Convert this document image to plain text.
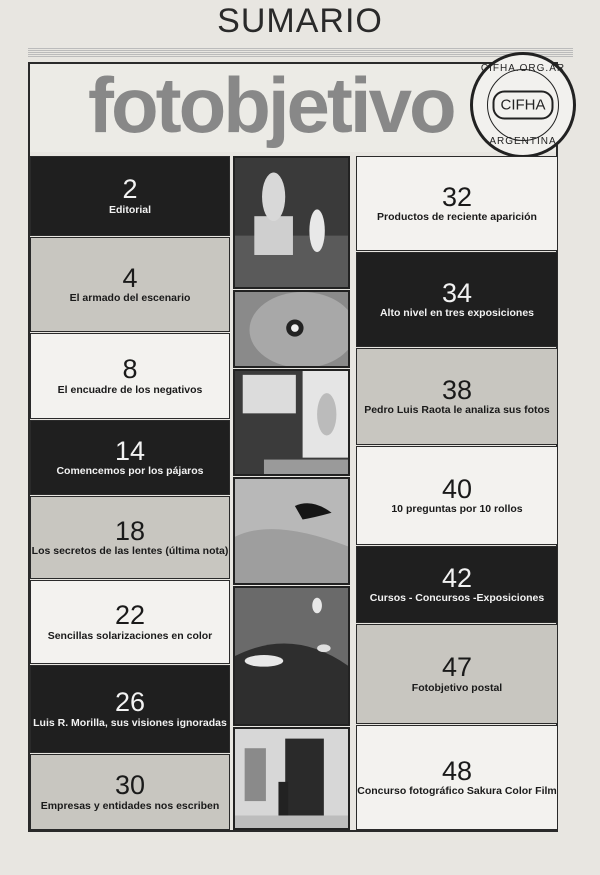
SUMARIO
fotobjetivo	CIFHA.ORG.AR
CIFHA
ARGENTINA
2
Editorial
4
El armado del escenario
8
El encuadre de los negativos
14
Comencemos por los pájaros
18
Los secretos de las lentes (última nota)
22
Sencillas solarizaciones en color
26
Luis R. Morilla, sus visiones ignoradas
30
Empresas y entidades nos escriben
32
Productos de reciente aparición
34
Alto nivel en tres exposiciones
38
Pedro Luis Raota le analiza sus fotos
40
10 preguntas por 10 rollos
42
Cursos - Concursos -Exposiciones
47
Fotobjetivo postal
48
Concurso fotográfico Sakura Color Film
